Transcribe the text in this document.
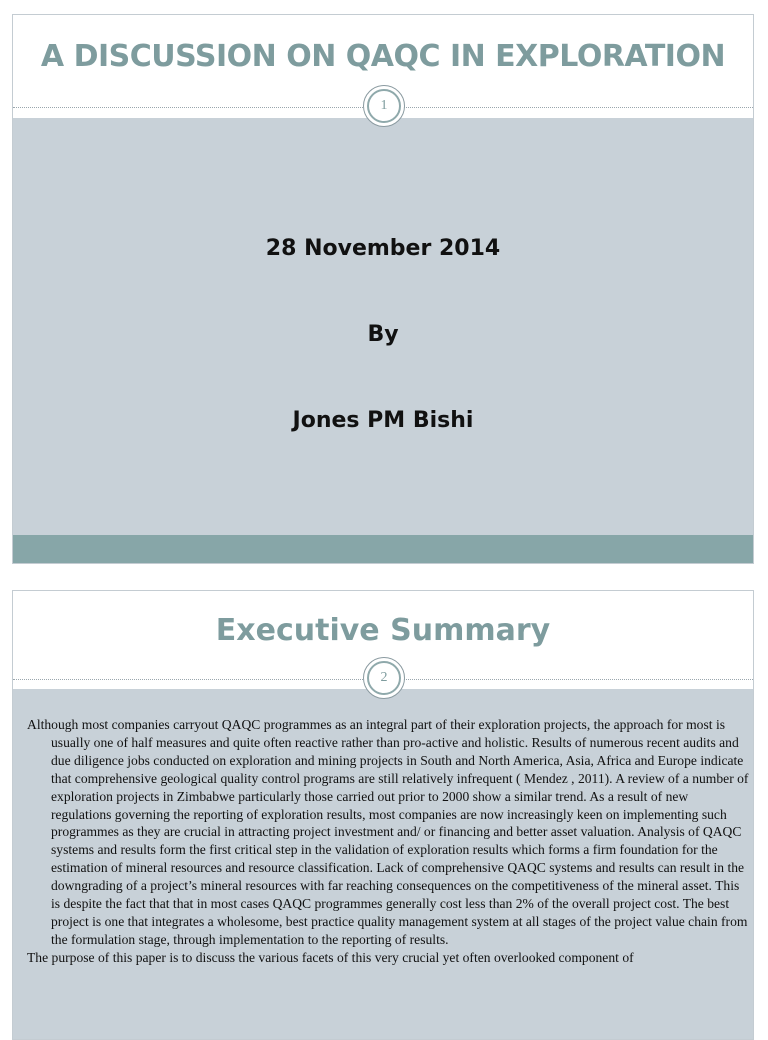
A DISCUSSION ON QAQC IN EXPLORATION
1
28 November 2014
By
Jones PM Bishi
Executive Summary
2

Although most companies carryout QAQC programmes as an integral part of their exploration projects, the approach for most is usually one of half measures and quite often reactive rather than pro-active and holistic. Results of numerous recent audits and due diligence jobs conducted on exploration and mining projects in South and North America, Asia, Africa and Europe indicate that comprehensive geological quality control programs are still relatively infrequent ( Mendez , 2011). A review of a number of exploration projects in Zimbabwe particularly those carried out prior to 2000 show a similar trend. As a result of new regulations governing the reporting of exploration results, most companies are now increasingly keen on implementing such programmes as they are crucial in attracting project investment and/ or financing and better asset valuation. Analysis of QAQC systems and results form the first critical step in the validation of exploration results which forms a firm foundation for the estimation of mineral resources and resource classification. Lack of comprehensive QAQC systems and results can result in the downgrading of a project’s mineral resources with far reaching consequences on the competitiveness of the mineral asset. This is despite the fact that that in most cases QAQC programmes generally cost less than 2% of the overall project cost. The best project is one that integrates a wholesome, best practice quality management system at all stages of the project value chain from the formulation stage, through implementation to the reporting of results.

The purpose of this paper is to discuss the various facets of this very crucial yet often overlooked component of
